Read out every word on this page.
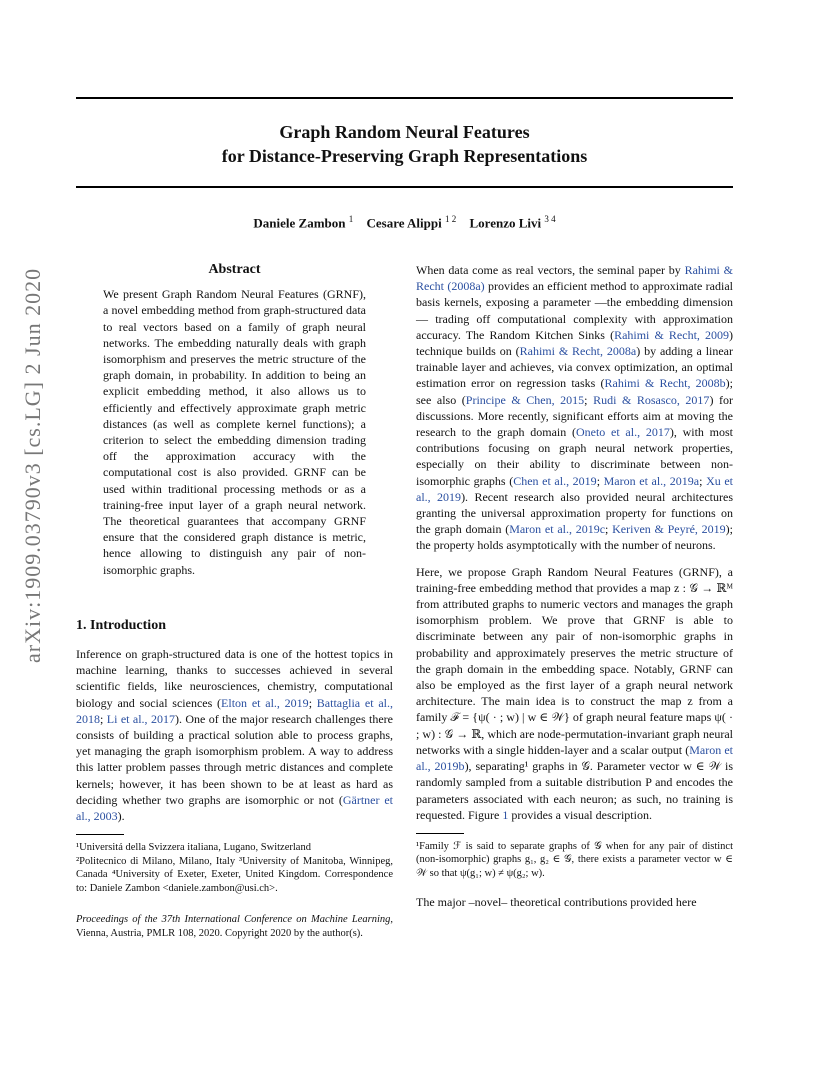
Graph Random Neural Features
for Distance-Preserving Graph Representations
Daniele Zambon $^1$ Cesare Alippi $^{1 2}$ Lorenzo Livi $^{3 4}$
arXiv:1909.03790v3 [cs.LG] 2 Jun 2020	Abstract
We present Graph Random Neural Features (GRNF), a novel embedding method from graph-structured data to real vectors based on a family of graph neural networks. The embedding naturally deals with graph isomorphism and preserves the metric structure of the graph domain, in probability. In addition to being an explicit embedding method, it also allows us to efficiently and effectively approximate graph metric distances (as well as complete kernel functions); a criterion to select the embedding dimension trading off the approximation accuracy with the computational cost is also provided. GRNF can be used within traditional processing methods or as a training-free input layer of a graph neural network. The theoretical guarantees that accompany GRNF ensure that the considered graph distance is metric, hence allowing to distinguish any pair of non-isomorphic graphs.
1. Introduction

Inference on graph-structured data is one of the hottest topics in machine learning, thanks to successes achieved in several scientific fields, like neurosciences, chemistry, computational biology and social sciences (Elton et al., 2019; Battaglia et al., 2018; Li et al., 2017). One of the major research challenges there consists of building a practical solution able to process graphs, yet managing the graph isomorphism problem. A way to address this latter problem passes through metric distances and complete kernels; however, it has been shown to be at least as hard as deciding whether two graphs are isomorphic or not (Gärtner et al., 2003).

¹Universitá della Svizzera italiana, Lugano, Switzerland
²Politecnico di Milano, Milano, Italy ³University of Manitoba, Winnipeg, Canada ⁴University of Exeter, Exeter, United Kingdom. Correspondence to: Daniele Zambon <daniele.zambon@usi.ch>.
Proceedings of the 37th International Conference on Machine Learning, Vienna, Austria, PMLR 108, 2020. Copyright 2020 by the author(s).

When data come as real vectors, the seminal paper by Rahimi & Recht (2008a) provides an efficient method to approximate radial basis kernels, exposing a parameter —the embedding dimension— trading off computational complexity with approximation accuracy. The Random Kitchen Sinks (Rahimi & Recht, 2009) technique builds on (Rahimi & Recht, 2008a) by adding a linear trainable layer and achieves, via convex optimization, an optimal estimation error on regression tasks (Rahimi & Recht, 2008b); see also (Principe & Chen, 2015; Rudi & Rosasco, 2017) for discussions. More recently, significant efforts aim at moving the research to the graph domain (Oneto et al., 2017), with most contributions focusing on graph neural network properties, especially on their ability to discriminate between non-isomorphic graphs (Chen et al., 2019; Maron et al., 2019a; Xu et al., 2019). Recent research also provided neural architectures granting the universal approximation property for functions on the graph domain (Maron et al., 2019c; Keriven & Peyré, 2019); the property holds asymptotically with the number of neurons.

Here, we propose Graph Random Neural Features (GRNF), a training-free embedding method that provides a map z : 𝒢 → ℝᴹ from attributed graphs to numeric vectors and manages the graph isomorphism problem. We prove that GRNF is able to discriminate between any pair of non-isomorphic graphs in probability and approximately preserves the metric structure of the graph domain in the embedding space. Notably, GRNF can also be employed as the first layer of a graph neural network architecture. The main idea is to construct the map z from a family ℱ = {ψ( · ; w) | w ∈ 𝒲} of graph neural feature maps ψ( · ; w) : 𝒢 → ℝ, which are node-permutation-invariant graph neural networks with a single hidden-layer and a scalar output (Maron et al., 2019b), separating¹ graphs in 𝒢. Parameter vector w ∈ 𝒲 is randomly sampled from a suitable distribution P and encodes the parameters associated with each neuron; as such, no training is requested. Figure 1 provides a visual description.

¹Family ℱ is said to separate graphs of 𝒢 when for any pair of distinct (non-isomorphic) graphs g₁, g₂ ∈ 𝒢, there exists a parameter vector w ∈ 𝒲 so that ψ(g₁; w) ≠ ψ(g₂; w).

The major –novel– theoretical contributions provided here
